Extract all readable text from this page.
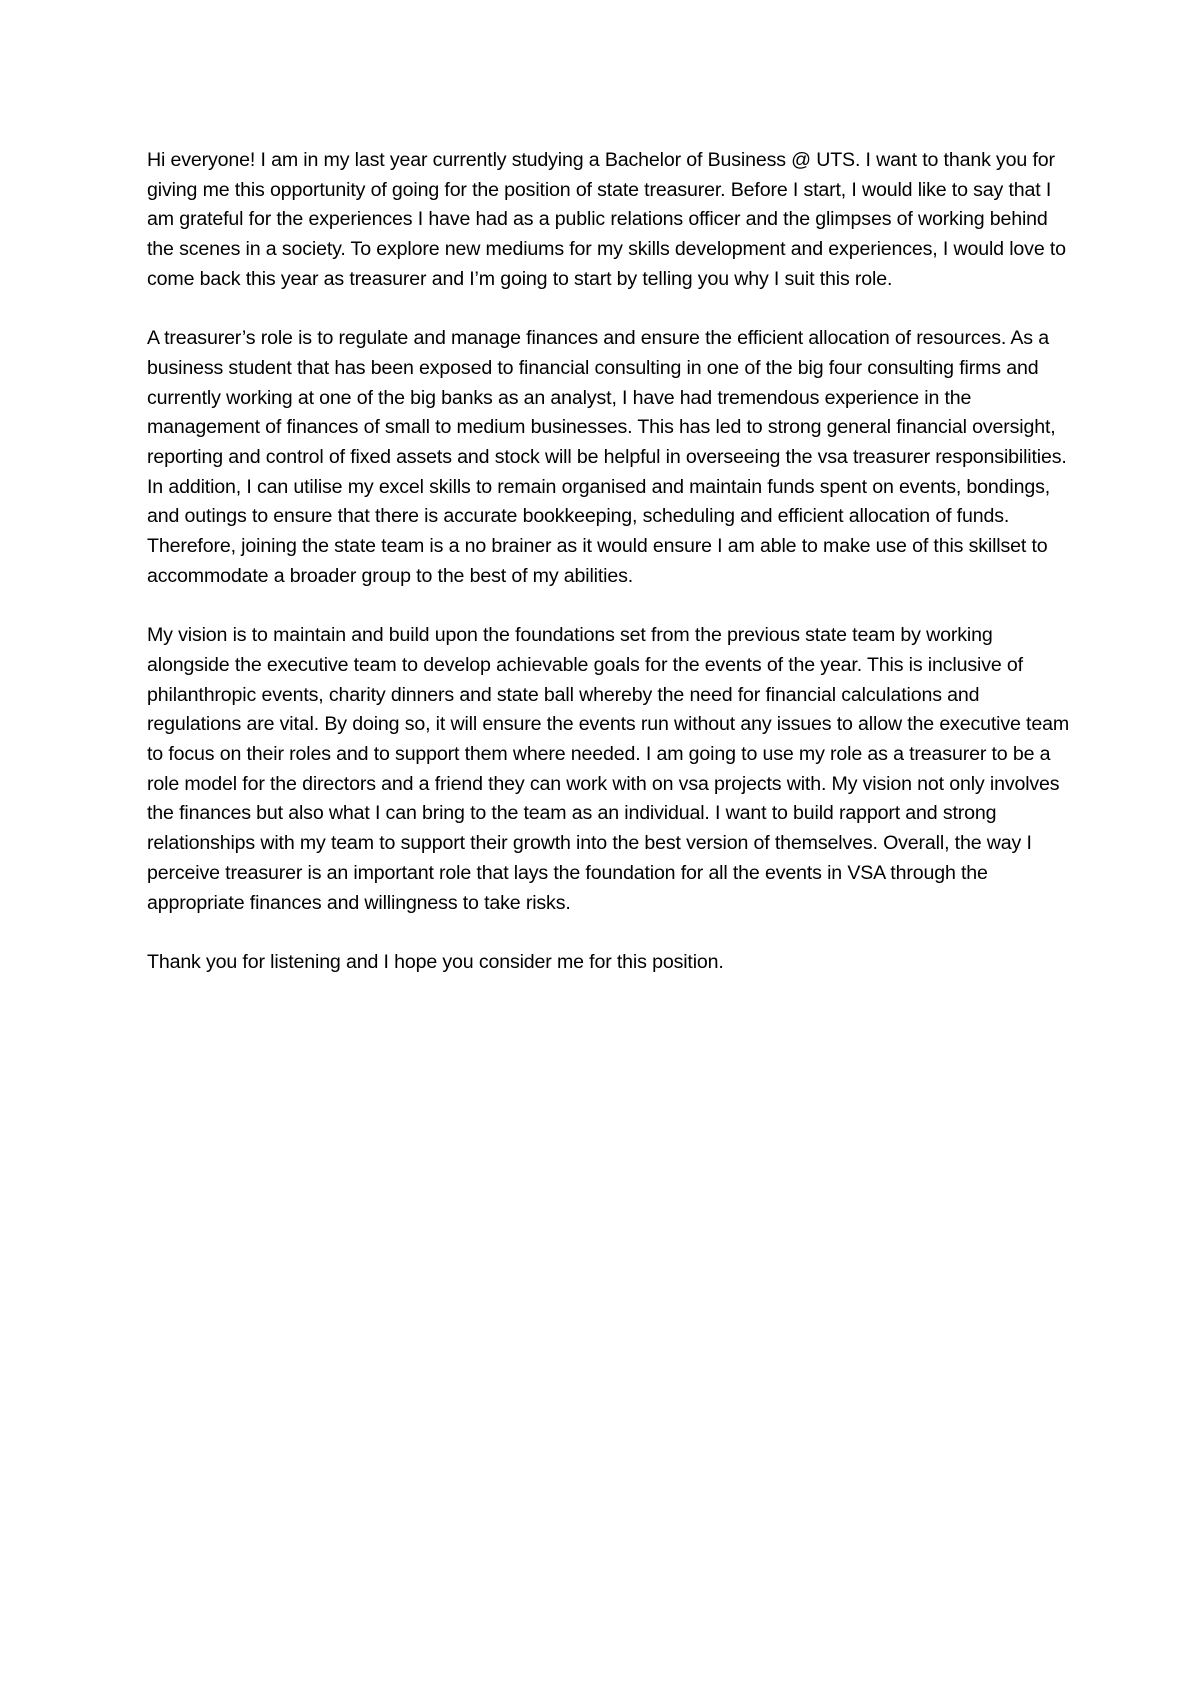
Hi everyone! I am in my last year currently studying a Bachelor of Business @ UTS. I want to thank you for giving me this opportunity of going for the position of state treasurer. Before I start, I would like to say that I am grateful for the experiences I have had as a public relations officer and the glimpses of working behind the scenes in a society. To explore new mediums for my skills development and experiences, I would love to come back this year as treasurer and I’m going to start by telling you why I suit this role.

A treasurer’s role is to regulate and manage finances and ensure the efficient allocation of resources. As a business student that has been exposed to financial consulting in one of the big four consulting firms and currently working at one of the big banks as an analyst, I have had tremendous experience in the management of finances of small to medium businesses. This has led to strong general financial oversight, reporting and control of fixed assets and stock will be helpful in overseeing the vsa treasurer responsibilities. In addition, I can utilise my excel skills to remain organised and maintain funds spent on events, bondings, and outings to ensure that there is accurate bookkeeping, scheduling and efficient allocation of funds. Therefore, joining the state team is a no brainer as it would ensure I am able to make use of this skillset to accommodate a broader group to the best of my abilities.

My vision is to maintain and build upon the foundations set from the previous state team by working alongside the executive team to develop achievable goals for the events of the year. This is inclusive of philanthropic events, charity dinners and state ball whereby the need for financial calculations and regulations are vital. By doing so, it will ensure the events run without any issues to allow the executive team to focus on their roles and to support them where needed. I am going to use my role as a treasurer to be a role model for the directors and a friend they can work with on vsa projects with. My vision not only involves the finances but also what I can bring to the team as an individual. I want to build rapport and strong relationships with my team to support their growth into the best version of themselves. Overall, the way I perceive treasurer is an important role that lays the foundation for all the events in VSA through the appropriate finances and willingness to take risks.

Thank you for listening and I hope you consider me for this position.
